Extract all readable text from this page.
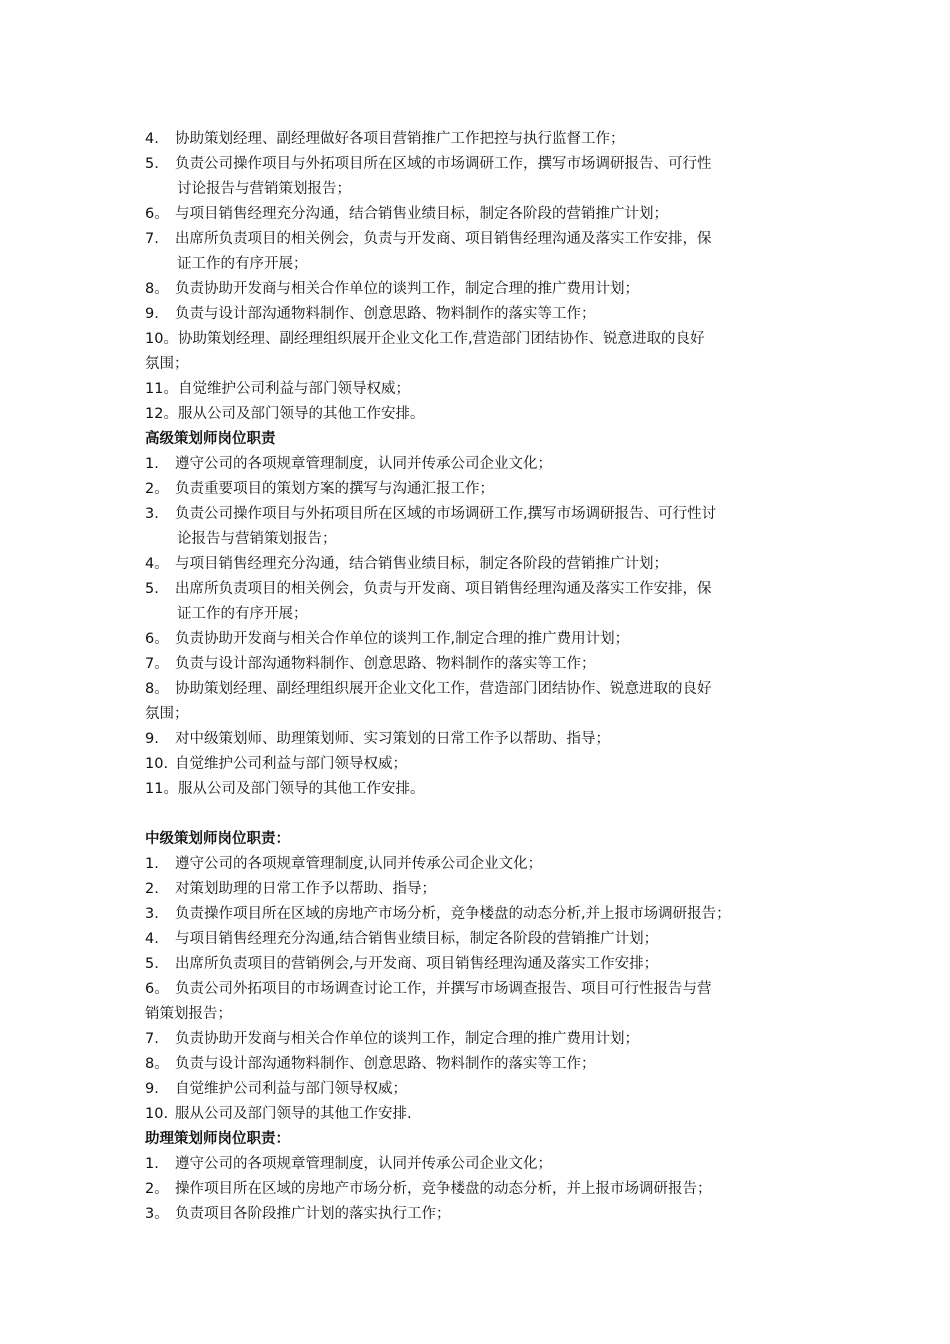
4. 协助策划经理、副经理做好各项目营销推广工作把控与执行监督工作；
5. 负责公司操作项目与外拓项目所在区域的市场调研工作，撰写市场调研报告、可行性
讨论报告与营销策划报告；
6。 与项目销售经理充分沟通，结合销售业绩目标，制定各阶段的营销推广计划；
7. 出席所负责项目的相关例会，负责与开发商、项目销售经理沟通及落实工作安排，保
证工作的有序开展；
8。 负责协助开发商与相关合作单位的谈判工作，制定合理的推广费用计划；
9. 负责与设计部沟通物料制作、创意思路、物料制作的落实等工作；
10。协助策划经理、副经理组织展开企业文化工作,营造部门团结协作、锐意进取的良好
氛围；
11。自觉维护公司利益与部门领导权威；
12。服从公司及部门领导的其他工作安排。
高级策划师岗位职责
1. 遵守公司的各项规章管理制度，认同并传承公司企业文化；
2。 负责重要项目的策划方案的撰写与沟通汇报工作；
3. 负责公司操作项目与外拓项目所在区域的市场调研工作,撰写市场调研报告、可行性讨
论报告与营销策划报告；
4。 与项目销售经理充分沟通，结合销售业绩目标，制定各阶段的营销推广计划；
5. 出席所负责项目的相关例会，负责与开发商、项目销售经理沟通及落实工作安排，保
证工作的有序开展；
6。 负责协助开发商与相关合作单位的谈判工作,制定合理的推广费用计划；
7。 负责与设计部沟通物料制作、创意思路、物料制作的落实等工作；
8。 协助策划经理、副经理组织展开企业文化工作，营造部门团结协作、锐意进取的良好
氛围；
9. 对中级策划师、助理策划师、实习策划的日常工作予以帮助、指导；
10. 自觉维护公司利益与部门领导权威；
11。服从公司及部门领导的其他工作安排。
中级策划师岗位职责：
1. 遵守公司的各项规章管理制度,认同并传承公司企业文化；
2. 对策划助理的日常工作予以帮助、指导；
3. 负责操作项目所在区域的房地产市场分析，竞争楼盘的动态分析,并上报市场调研报告；
4. 与项目销售经理充分沟通,结合销售业绩目标，制定各阶段的营销推广计划；
5. 出席所负责项目的营销例会,与开发商、项目销售经理沟通及落实工作安排；
6。 负责公司外拓项目的市场调查讨论工作，并撰写市场调查报告、项目可行性报告与营
销策划报告；
7. 负责协助开发商与相关合作单位的谈判工作，制定合理的推广费用计划；
8。 负责与设计部沟通物料制作、创意思路、物料制作的落实等工作；
9. 自觉维护公司利益与部门领导权威；
10. 服从公司及部门领导的其他工作安排.
助理策划师岗位职责：
1. 遵守公司的各项规章管理制度，认同并传承公司企业文化；
2。 操作项目所在区域的房地产市场分析，竞争楼盘的动态分析，并上报市场调研报告；
3。 负责项目各阶段推广计划的落实执行工作；
